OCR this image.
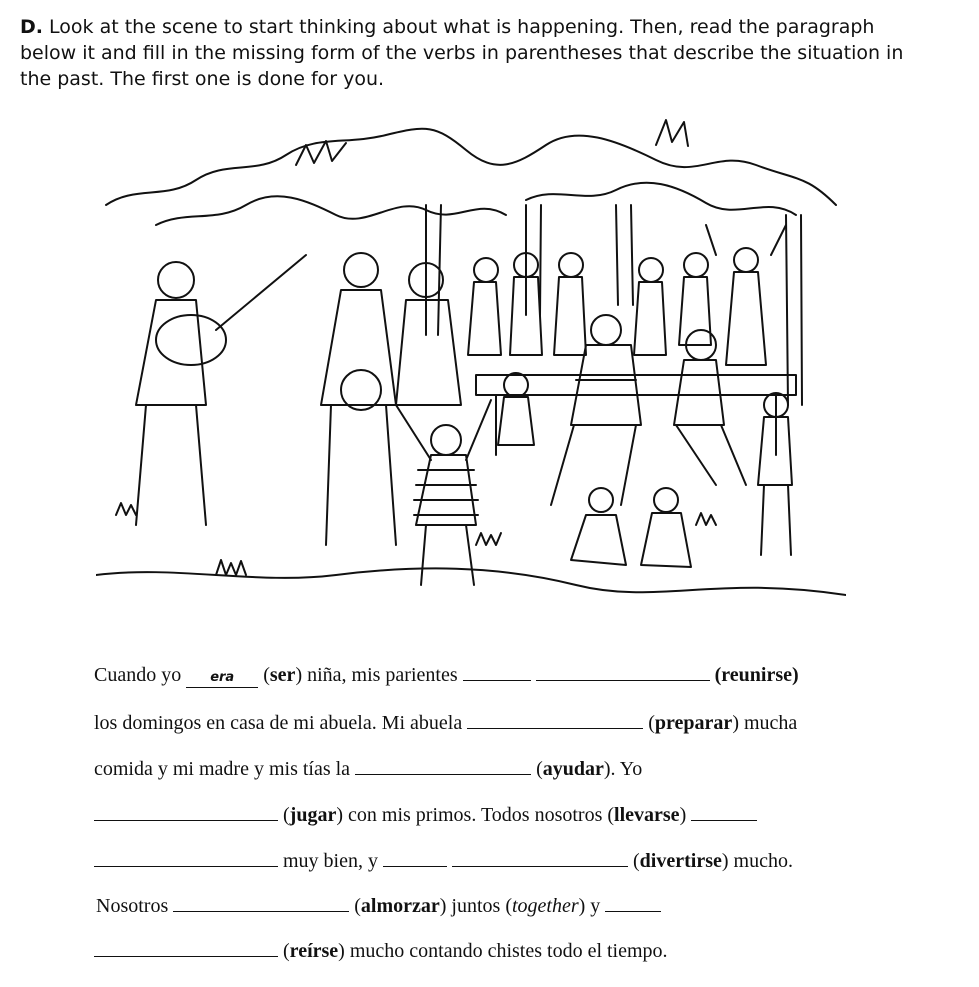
D. Look at the scene to start thinking about what is happening. Then, read the paragraph below it and fill in the missing form of the verbs in parentheses that describe the situation in the past. The first one is done for you.
Cuando yo era (ser) niña, mis parientes	(reunirse)
los domingos en casa de mi abuela. Mi abuela	(preparar) mucha
comida y mi madre y mis tías la	(ayudar). Yo
(jugar) con mis primos. Todos nosotros (llevarse)
muy bien, y	(divertirse) mucho.
Nosotros	(almorzar) juntos (together) y
(reírse) mucho contando chistes todo el tiempo.
